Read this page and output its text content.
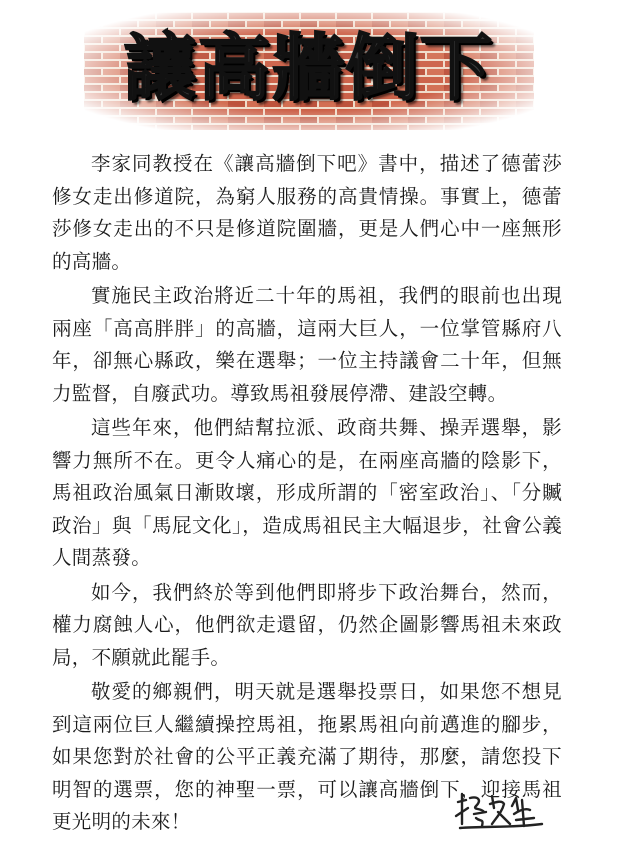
讓高牆倒下

李家同教授在《讓高牆倒下吧》書中，描述了德蕾莎修女走出修道院，為窮人服務的高貴情操。事實上，德蕾莎修女走出的不只是修道院圍牆，更是人們心中一座無形的高牆。

實施民主政治將近二十年的馬祖，我們的眼前也出現兩座「高高胖胖」的高牆，這兩大巨人，一位掌管縣府八年，卻無心縣政，樂在選舉；一位主持議會二十年，但無力監督，自廢武功。導致馬祖發展停滯、建設空轉。

這些年來，他們結幫拉派、政商共舞、操弄選舉，影響力無所不在。更令人痛心的是，在兩座高牆的陰影下，馬祖政治風氣日漸敗壞，形成所謂的「密室政治」、「分贓政治」與「馬屁文化」，造成馬祖民主大幅退步，社會公義人間蒸發。

如今，我們終於等到他們即將步下政治舞台，然而，權力腐蝕人心，他們欲走還留，仍然企圖影響馬祖未來政局，不願就此罷手。

敬愛的鄉親們，明天就是選舉投票日，如果您不想見到這兩位巨人繼續操控馬祖，拖累馬祖向前邁進的腳步，如果您對於社會的公平正義充滿了期待，那麼，請您投下明智的選票，您的神聖一票，可以讓高牆倒下，迎接馬祖更光明的未來！
